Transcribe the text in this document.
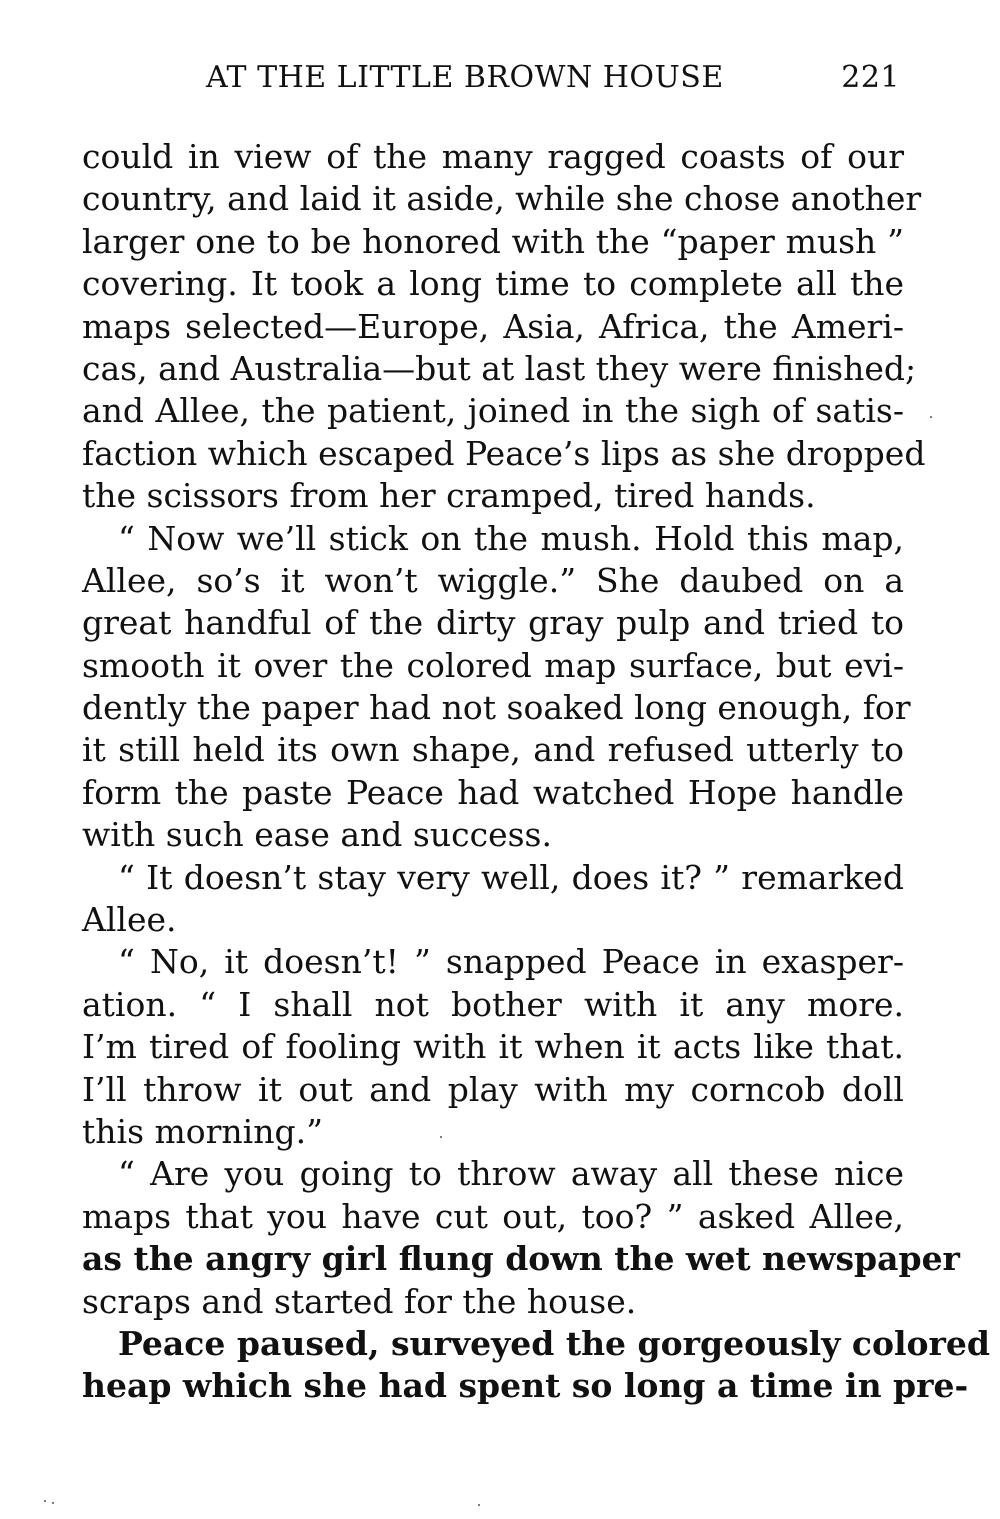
AT THE LITTLE BROWN HOUSE	221
could in view of the many ragged coasts of our
country, and laid it aside, while she chose another
larger one to be honored with the “paper mush ”
covering. It took a long time to complete all the
maps selected—Europe, Asia, Africa, the Ameri-
cas, and Australia—but at last they were finished;
and Allee, the patient, joined in the sigh of satis-
faction which escaped Peace’s lips as she dropped
the scissors from her cramped, tired hands.
“ Now we’ll stick on the mush. Hold this map,
Allee, so’s it won’t wiggle.” She daubed on a
great handful of the dirty gray pulp and tried to
smooth it over the colored map surface, but evi-
dently the paper had not soaked long enough, for
it still held its own shape, and refused utterly to
form the paste Peace had watched Hope handle
with such ease and success.
“ It doesn’t stay very well, does it? ” remarked
Allee.
“ No, it doesn’t! ” snapped Peace in exasper-
ation. “ I shall not bother with it any more.
I’m tired of fooling with it when it acts like that.
I’ll throw it out and play with my corncob doll
this morning.”
“ Are you going to throw away all these nice
maps that you have cut out, too? ” asked Allee,
as the angry girl flung down the wet newspaper
scraps and started for the house.
Peace paused, surveyed the gorgeously colored
heap which she had spent so long a time in pre-
